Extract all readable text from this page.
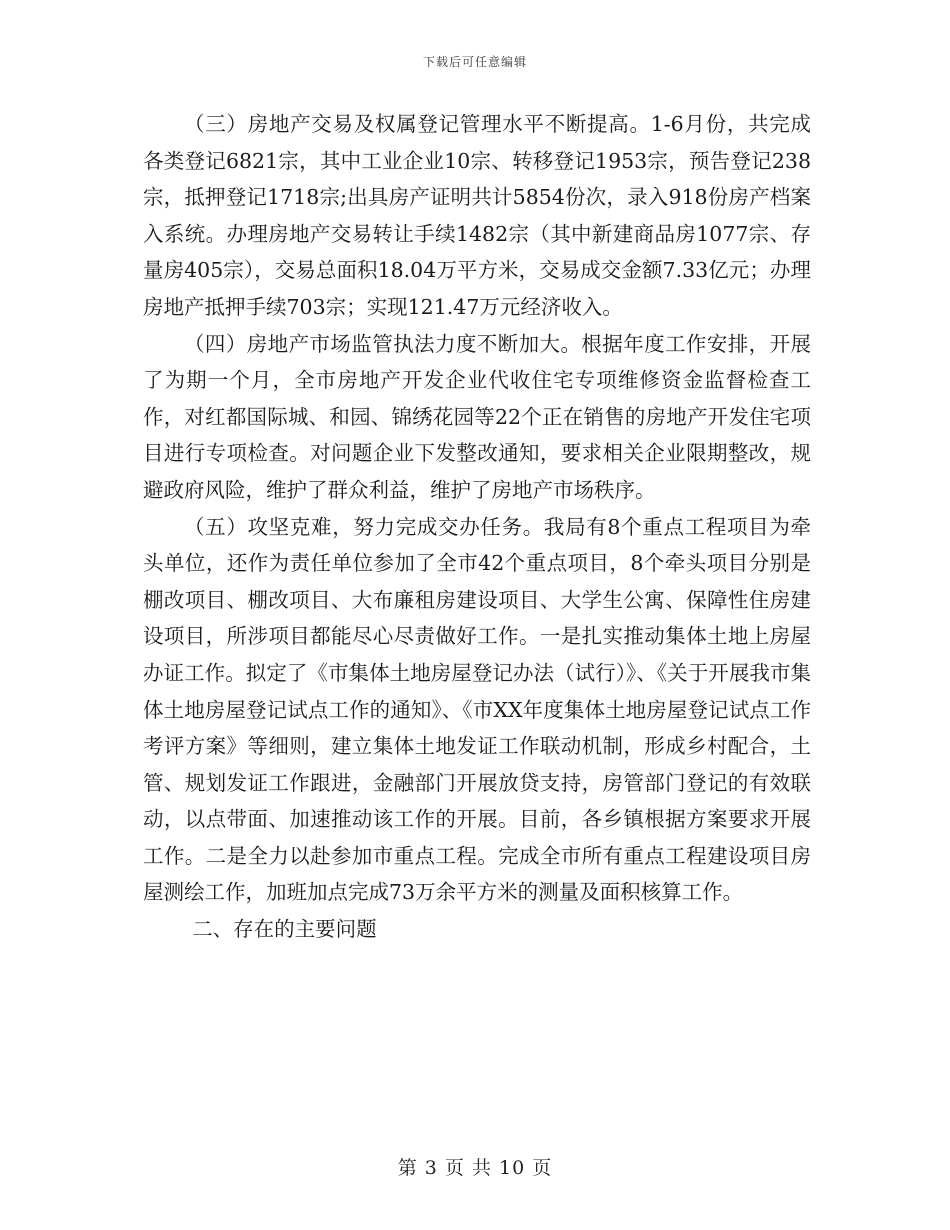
下载后可任意编辑

（三）房地产交易及权属登记管理水平不断提高。1-6月份，共完成各类登记6821宗，其中工业企业10宗、转移登记1953宗，预告登记238宗，抵押登记1718宗;出具房产证明共计5854份次，录入918份房产档案入系统。办理房地产交易转让手续1482宗（其中新建商品房1077宗、存量房405宗），交易总面积18.04万平方米，交易成交金额7.33亿元；办理房地产抵押手续703宗；实现121.47万元经济收入。

（四）房地产市场监管执法力度不断加大。根据年度工作安排，开展了为期一个月，全市房地产开发企业代收住宅专项维修资金监督检查工作，对红都国际城、和园、锦绣花园等22个正在销售的房地产开发住宅项目进行专项检查。对问题企业下发整改通知，要求相关企业限期整改，规避政府风险，维护了群众利益，维护了房地产市场秩序。

（五）攻坚克难，努力完成交办任务。我局有8个重点工程项目为牵头单位，还作为责任单位参加了全市42个重点项目，8个牵头项目分别是棚改项目、棚改项目、大布廉租房建设项目、大学生公寓、保障性住房建设项目，所涉项目都能尽心尽责做好工作。一是扎实推动集体土地上房屋办证工作。拟定了《市集体土地房屋登记办法（试行）》、《关于开展我市集体土地房屋登记试点工作的通知》、《市XX年度集体土地房屋登记试点工作考评方案》等细则，建立集体土地发证工作联动机制，形成乡村配合，土管、规划发证工作跟进，金融部门开展放贷支持，房管部门登记的有效联动，以点带面、加速推动该工作的开展。目前，各乡镇根据方案要求开展工作。二是全力以赴参加市重点工程。完成全市所有重点工程建设项目房屋测绘工作，加班加点完成73万余平方米的测量及面积核算工作。

二、存在的主要问题

第 3 页 共 10 页
